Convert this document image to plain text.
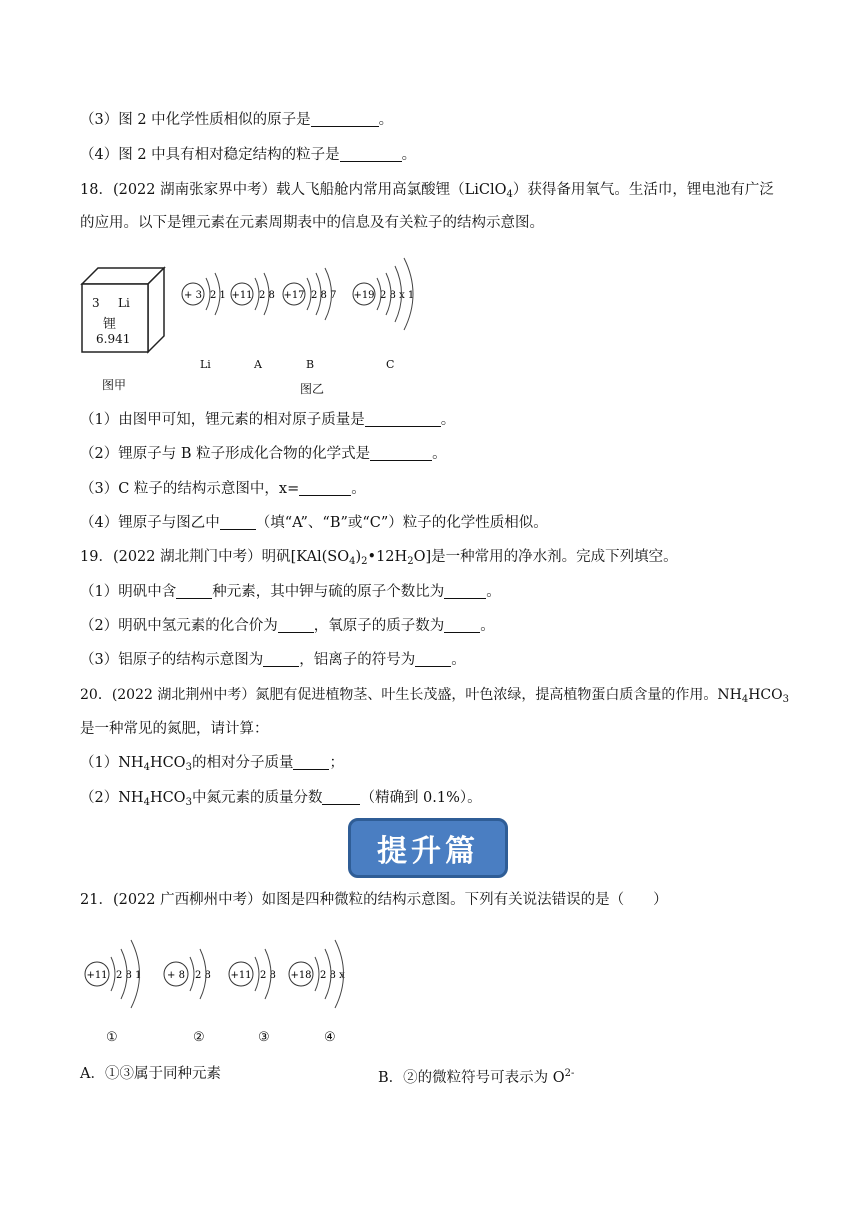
（3）图 2 中化学性质相似的原子是	。
（4）图 2 中具有相对稳定结构的粒子是	。
18．(2022 湖南张家界中考）载人飞船舱内常用高氯酸锂（LiClO$_4$）获得备用氧气。生活巾，锂电池有广泛
的应用。以下是锂元素在元素周期表中的信息及有关粒子的结构示意图。
3 Li
锂
6.941
图甲
+ 3 2 1 +11 2 8 +17 2 8 7 +19 2 8 x 1
Li	A	B	C
图乙
（1）由图甲可知，锂元素的相对原子质量是	。
（2）锂原子与 B 粒子形成化合物的化学式是	。
（3）C 粒子的结构示意图中，x=	。
（4）锂原子与图乙中 （填“A”、“B”或“C”）粒子的化学性质相似。
19．(2022 湖北荆门中考）明矾$[KAl(SO_4)_2•12H_2O]$是一种常用的净水剂。完成下列填空。
（1）明矾中含 种元素，其中钾与硫的原子个数比为	。
（2）明矾中氢元素的化合价为 ，氧原子的质子数为 。
（3）铝原子的结构示意图为 ，铝离子的符号为 。
20．(2022 湖北荆州中考）氮肥有促进植物茎、叶生长茂盛，叶色浓绿，提高植物蛋白质含量的作用。$NH_4HCO_3$
是一种常见的氮肥，请计算：
$(1)NH_4HCO_3$的相对分子质量 ；
$(2)NH_4HCO_3$中氮元素的质量分数	（精确到 0.1%）。
提升篇
21．(2022 广西柳州中考）如图是四种微粒的结构示意图。下列有关说法错误的是（　　）
+11 2 8 1	+ 8 2 8 +11 2 8 +18 2 8 x
①	②	③	④
A．①③属于同种元素	B．②的微粒符号可表示为 $O^{2-}$
